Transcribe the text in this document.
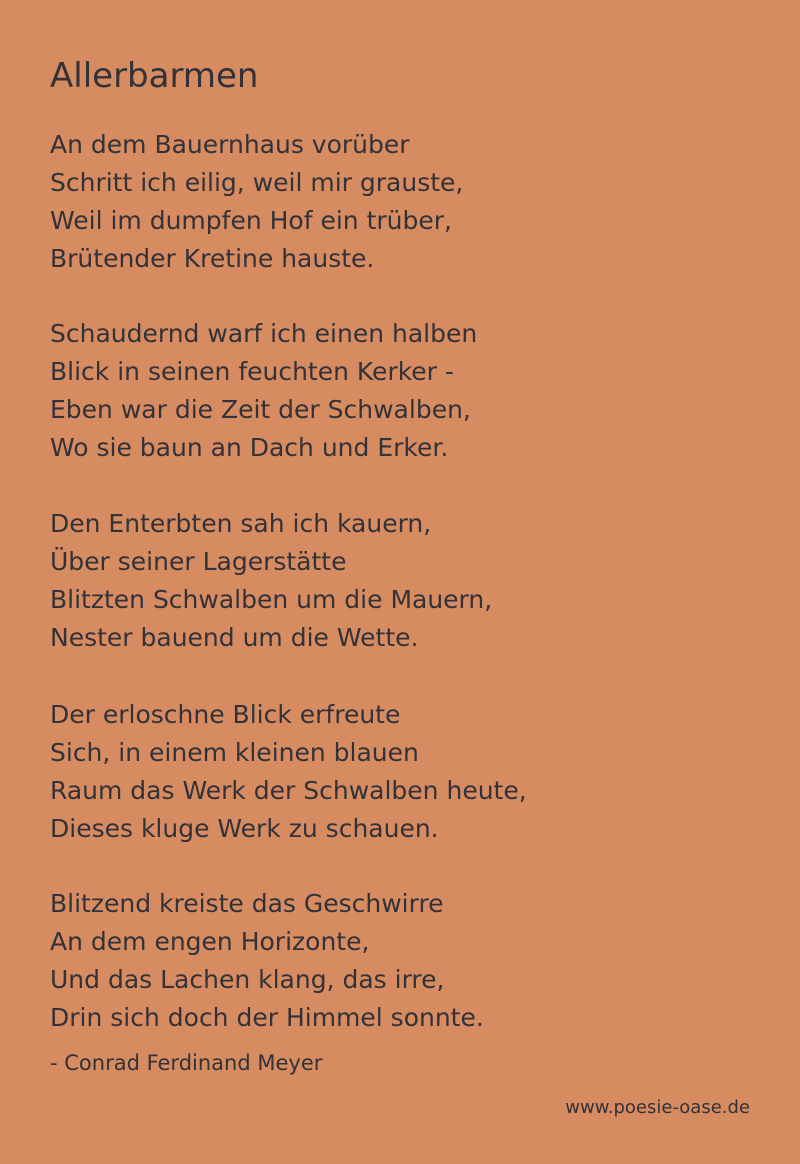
Allerbarmen
An dem Bauernhaus vorüber
Schritt ich eilig, weil mir grauste,
Weil im dumpfen Hof ein trüber,
Brütender Kretine hauste.
Schaudernd warf ich einen halben
Blick in seinen feuchten Kerker -
Eben war die Zeit der Schwalben,
Wo sie baun an Dach und Erker.
Den Enterbten sah ich kauern,
Über seiner Lagerstätte
Blitzten Schwalben um die Mauern,
Nester bauend um die Wette.
Der erloschne Blick erfreute
Sich, in einem kleinen blauen
Raum das Werk der Schwalben heute,
Dieses kluge Werk zu schauen.
Blitzend kreiste das Geschwirre
An dem engen Horizonte,
Und das Lachen klang, das irre,
Drin sich doch der Himmel sonnte.
- Conrad Ferdinand Meyer
www.poesie-oase.de
